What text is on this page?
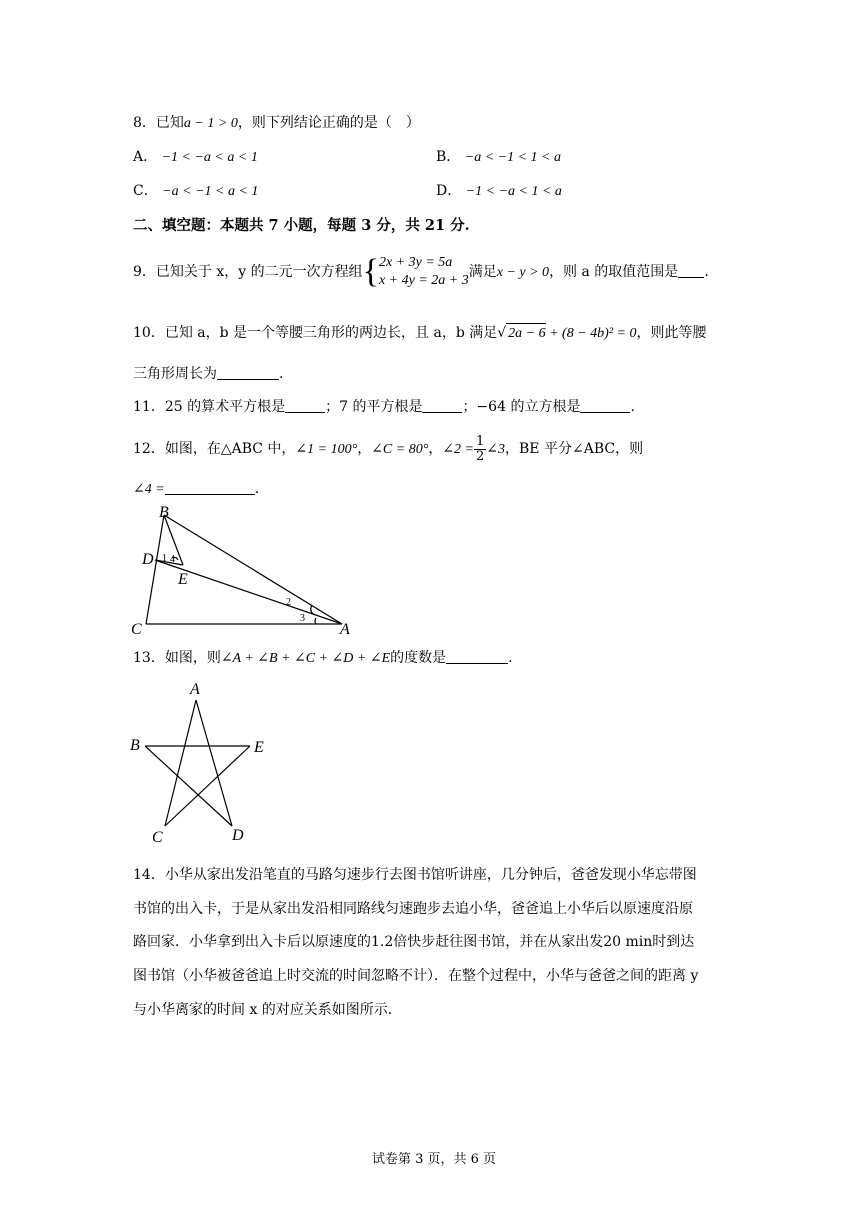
8．已知a − 1 > 0，则下列结论正确的是（　）
A． −1 < −a < a < 1	B． −a < −1 < 1 < a
C． −a < −1 < a < 1	D． −1 < −a < 1 < a
二、填空题：本题共 7 小题，每题 3 分，共 21 分.
9．已知关于 x，y 的二元一次方程组{ 2x + 3y = 5a
x + 4y = 2a + 3
满足x − y > 0，则 a 的取值范围是 .
10．已知 a，b 是一个等腰三角形的两边长，且 a，b 满足√ 2a − 6 + (8 − 4b)² = 0，则此等腰
三角形周长为	.
11．25 的算术平方根是	；7 的平方根是	；−64 的立方根是	.
12．如图，在△ABC 中，∠1 = 100°，∠C = 80°，∠2 = $\frac{1}{2}$ ∠3，BE 平分∠ABC，则
∠4 =	.
B
D
E
C	A
1 4
2
3
13．如图，则∠A + ∠B + ∠C + ∠D + ∠E的度数是	.
A
B	E
C	D
14．小华从家出发沿笔直的马路匀速步行去图书馆听讲座，几分钟后，爸爸发现小华忘带图
书馆的出入卡，于是从家出发沿相同路线匀速跑步去追小华，爸爸追上小华后以原速度沿原
路回家．小华拿到出入卡后以原速度的1.2倍快步赶往图书馆，并在从家出发20 min时到达
图书馆（小华被爸爸追上时交流的时间忽略不计）．在整个过程中，小华与爸爸之间的距离 y
与小华离家的时间 x 的对应关系如图所示．
试卷第 3 页，共 6 页
